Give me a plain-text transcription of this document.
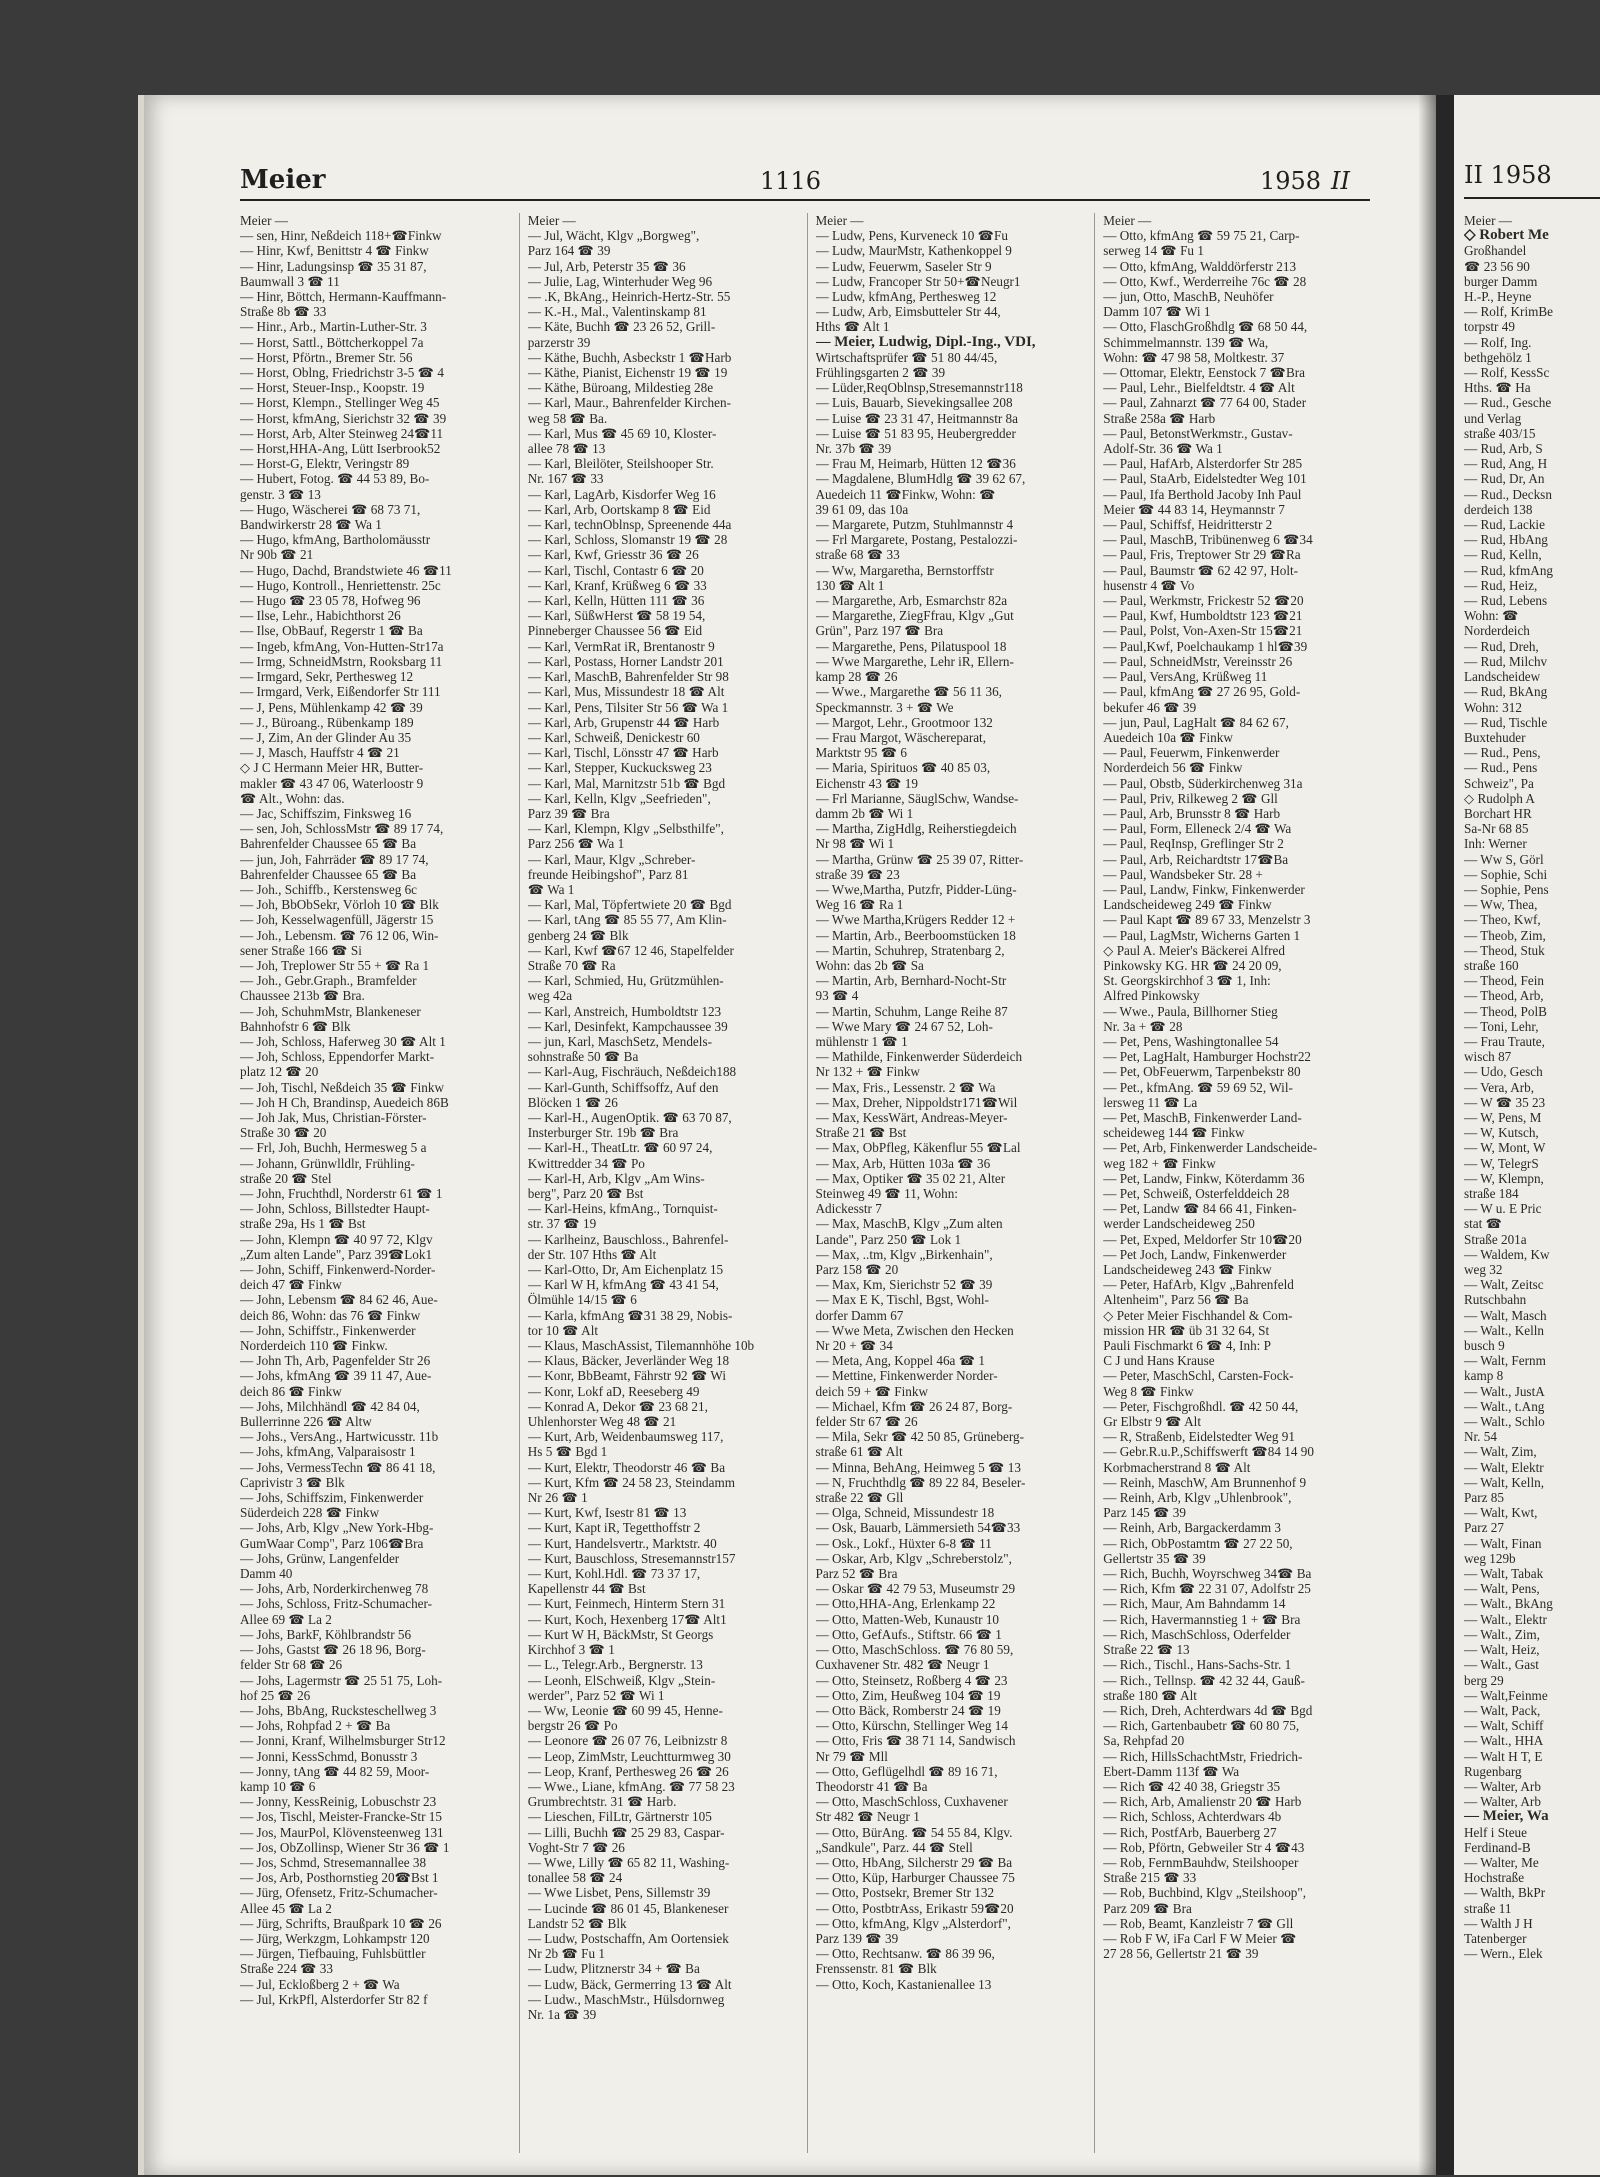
Meier	1116	1958 II
Meier —
— sen, Hinr, Neßdeich 118+☎Finkw
— Hinr, Kwf, Benittstr 4 ☎ Finkw
— Hinr, Ladungsinsp ☎ 35 31 87,
Baumwall 3 ☎ 11
— Hinr, Böttch, Hermann-Kauffmann-
Straße 8b ☎ 33
— Hinr., Arb., Martin-Luther-Str. 3
— Horst, Sattl., Böttcherkoppel 7a
— Horst, Pförtn., Bremer Str. 56
— Horst, Oblng, Friedrichstr 3-5 ☎ 4
— Horst, Steuer-Insp., Koopstr. 19
— Horst, Klempn., Stellinger Weg 45
— Horst, kfmAng, Sierichstr 32 ☎ 39
— Horst, Arb, Alter Steinweg 24☎11
— Horst,HHA-Ang, Lütt Iserbrook52
— Horst-G, Elektr, Veringstr 89
— Hubert, Fotog. ☎ 44 53 89, Bo-
genstr. 3 ☎ 13
— Hugo, Wäscherei ☎ 68 73 71,
Bandwirkerstr 28 ☎ Wa 1
— Hugo, kfmAng, Bartholomäusstr
Nr 90b ☎ 21
— Hugo, Dachd, Brandstwiete 46 ☎11
— Hugo, Kontroll., Henriettenstr. 25c
— Hugo ☎ 23 05 78, Hofweg 96
— Ilse, Lehr., Habichthorst 26
— Ilse, ObBauf, Regerstr 1 ☎ Ba
— Ingeb, kfmAng, Von-Hutten-Str17a
— Irmg, SchneidMstrn, Rooksbarg 11
— Irmgard, Sekr, Perthesweg 12
— Irmgard, Verk, Eißendorfer Str 111
— J, Pens, Mühlenkamp 42 ☎ 39
— J., Büroang., Rübenkamp 189
— J, Zim, An der Glinder Au 35
— J, Masch, Hauffstr 4 ☎ 21
◇ J C Hermann Meier HR, Butter-
makler ☎ 43 47 06, Waterloostr 9
☎ Alt., Wohn: das.
— Jac, Schiffszim, Finksweg 16
— sen, Joh, SchlossMstr ☎ 89 17 74,
Bahrenfelder Chaussee 65 ☎ Ba
— jun, Joh, Fahrräder ☎ 89 17 74,
Bahrenfelder Chaussee 65 ☎ Ba
— Joh., Schiffb., Kerstensweg 6c
— Joh, BbObSekr, Vörloh 10 ☎ Blk
— Joh, Kesselwagenfüll, Jägerstr 15
— Joh., Lebensm. ☎ 76 12 06, Win-
sener Straße 166 ☎ Si
— Joh, Treplower Str 55 + ☎ Ra 1
— Joh., Gebr.Graph., Bramfelder
Chaussee 213b ☎ Bra.
— Joh, SchuhmMstr, Blankeneser
Bahnhofstr 6 ☎ Blk
— Joh, Schloss, Haferweg 30 ☎ Alt 1
— Joh, Schloss, Eppendorfer Markt-
platz 12 ☎ 20
— Joh, Tischl, Neßdeich 35 ☎ Finkw
— Joh H Ch, Brandinsp, Auedeich 86B
— Joh Jak, Mus, Christian-Förster-
Straße 30 ☎ 20
— Frl, Joh, Buchh, Hermesweg 5 a
— Johann, Grünwlldlr, Frühling-
straße 20 ☎ Stel
— John, Fruchthdl, Norderstr 61 ☎ 1
— John, Schloss, Billstedter Haupt-
straße 29a, Hs 1 ☎ Bst
— John, Klempn ☎ 40 97 72, Klgv
„Zum alten Lande", Parz 39☎Lok1
— John, Schiff, Finkenwerd-Norder-
deich 47 ☎ Finkw
— John, Lebensm ☎ 84 62 46, Aue-
deich 86, Wohn: das 76 ☎ Finkw
— John, Schiffstr., Finkenwerder
Norderdeich 110 ☎ Finkw.
— John Th, Arb, Pagenfelder Str 26
— Johs, kfmAng ☎ 39 11 47, Aue-
deich 86 ☎ Finkw
— Johs, Milchhändl ☎ 42 84 04,
Bullerrinne 226 ☎ Altw
— Johs., VersAng., Hartwicusstr. 11b
— Johs, kfmAng, Valparaisostr 1
— Johs, VermessTechn ☎ 86 41 18,
Caprivistr 3 ☎ Blk
— Johs, Schiffszim, Finkenwerder
Süderdeich 228 ☎ Finkw
— Johs, Arb, Klgv „New York-Hbg-
GumWaar Comp", Parz 106☎Bra
— Johs, Grünw, Langenfelder
Damm 40
— Johs, Arb, Norderkirchenweg 78
— Johs, Schloss, Fritz-Schumacher-
Allee 69 ☎ La 2
— Johs, BarkF, Köhlbrandstr 56
— Johs, Gastst ☎ 26 18 96, Borg-
felder Str 68 ☎ 26
— Johs, Lagermstr ☎ 25 51 75, Loh-
hof 25 ☎ 26
— Johs, BbAng, Rucksteschellweg 3
— Johs, Rohpfad 2 + ☎ Ba
— Jonni, Kranf, Wilhelmsburger Str12
— Jonni, KessSchmd, Bonusstr 3
— Jonny, tAng ☎ 44 82 59, Moor-
kamp 10 ☎ 6
— Jonny, KessReinig, Lobuschstr 23
— Jos, Tischl, Meister-Francke-Str 15
— Jos, MaurPol, Klövensteenweg 131
— Jos, ObZollinsp, Wiener Str 36 ☎ 1
— Jos, Schmd, Stresemannallee 38
— Jos, Arb, Posthornstieg 20☎Bst 1
— Jürg, Ofensetz, Fritz-Schumacher-
Allee 45 ☎ La 2
— Jürg, Schrifts, Braußpark 10 ☎ 26
— Jürg, Werkzgm, Lohkampstr 120
— Jürgen, Tiefbauing, Fuhlsbüttler
Straße 224 ☎ 33
— Jul, Eckloßberg 2 + ☎ Wa
— Jul, KrkPfl, Alsterdorfer Str 82 f
Meier —
— Jul, Wächt, Klgv „Borgweg",
Parz 164 ☎ 39
— Jul, Arb, Peterstr 35 ☎ 36
— Julie, Lag, Winterhuder Weg 96
— .K, BkAng., Heinrich-Hertz-Str. 55
— K.-H., Mal., Valentinskamp 81
— Käte, Buchh ☎ 23 26 52, Grill-
parzerstr 39
— Käthe, Buchh, Asbeckstr 1 ☎Harb
— Käthe, Pianist, Eichenstr 19 ☎ 19
— Käthe, Büroang, Mildestieg 28e
— Karl, Maur., Bahrenfelder Kirchen-
weg 58 ☎ Ba.
— Karl, Mus ☎ 45 69 10, Kloster-
allee 78 ☎ 13
— Karl, Bleilöter, Steilshooper Str.
Nr. 167 ☎ 33
— Karl, LagArb, Kisdorfer Weg 16
— Karl, Arb, Oortskamp 8 ☎ Eid
— Karl, technOblnsp, Spreenende 44a
— Karl, Schloss, Slomanstr 19 ☎ 28
— Karl, Kwf, Griesstr 36 ☎ 26
— Karl, Tischl, Contastr 6 ☎ 20
— Karl, Kranf, Krüßweg 6 ☎ 33
— Karl, Kelln, Hütten 111 ☎ 36
— Karl, SüßwHerst ☎ 58 19 54,
Pinneberger Chaussee 56 ☎ Eid
— Karl, VermRat iR, Brentanostr 9
— Karl, Postass, Horner Landstr 201
— Karl, MaschB, Bahrenfelder Str 98
— Karl, Mus, Missundestr 18 ☎ Alt
— Karl, Pens, Tilsiter Str 56 ☎ Wa 1
— Karl, Arb, Grupenstr 44 ☎ Harb
— Karl, Schweiß, Denickestr 60
— Karl, Tischl, Lönsstr 47 ☎ Harb
— Karl, Stepper, Kuckucksweg 23
— Karl, Mal, Marnitzstr 51b ☎ Bgd
— Karl, Kelln, Klgv „Seefrieden",
Parz 39 ☎ Bra
— Karl, Klempn, Klgv „Selbsthilfe",
Parz 256 ☎ Wa 1
— Karl, Maur, Klgv „Schreber-
freunde Heibingshof", Parz 81
☎ Wa 1
— Karl, Mal, Töpfertwiete 20 ☎ Bgd
— Karl, tAng ☎ 85 55 77, Am Klin-
genberg 24 ☎ Blk
— Karl, Kwf ☎67 12 46, Stapelfelder
Straße 70 ☎ Ra
— Karl, Schmied, Hu, Grützmühlen-
weg 42a
— Karl, Anstreich, Humboldtstr 123
— Karl, Desinfekt, Kampchaussee 39
— jun, Karl, MaschSetz, Mendels-
sohnstraße 50 ☎ Ba
— Karl-Aug, Fischräuch, Neßdeich188
— Karl-Gunth, Schiffsoffz, Auf den
Blöcken 1 ☎ 26
— Karl-H., AugenOptik. ☎ 63 70 87,
Insterburger Str. 19b ☎ Bra
— Karl-H., TheatLtr. ☎ 60 97 24,
Kwittredder 34 ☎ Po
— Karl-H, Arb, Klgv „Am Wins-
berg", Parz 20 ☎ Bst
— Karl-Heins, kfmAng., Tornquist-
str. 37 ☎ 19
— Karlheinz, Bauschloss., Bahrenfel-
der Str. 107 Hths ☎ Alt
— Karl-Otto, Dr, Am Eichenplatz 15
— Karl W H, kfmAng ☎ 43 41 54,
Ölmühle 14/15 ☎ 6
— Karla, kfmAng ☎31 38 29, Nobis-
tor 10 ☎ Alt
— Klaus, MaschAssist, Tilemannhöhe 10b
— Klaus, Bäcker, Jeverländer Weg 18
— Konr, BbBeamt, Fährstr 92 ☎ Wi
— Konr, Lokf aD, Reeseberg 49
— Konrad A, Dekor ☎ 23 68 21,
Uhlenhorster Weg 48 ☎ 21
— Kurt, Arb, Weidenbaumsweg 117,
Hs 5 ☎ Bgd 1
— Kurt, Elektr, Theodorstr 46 ☎ Ba
— Kurt, Kfm ☎ 24 58 23, Steindamm
Nr 26 ☎ 1
— Kurt, Kwf, Isestr 81 ☎ 13
— Kurt, Kapt iR, Tegetthoffstr 2
— Kurt, Handelsvertr., Marktstr. 40
— Kurt, Bauschloss, Stresemannstr157
— Kurt, Kohl.Hdl. ☎ 73 37 17,
Kapellenstr 44 ☎ Bst
— Kurt, Feinmech, Hinterm Stern 31
— Kurt, Koch, Hexenberg 17☎ Alt1
— Kurt W H, BäckMstr, St Georgs
Kirchhof 3 ☎ 1
— L., Telegr.Arb., Bergnerstr. 13
— Leonh, ElSchweiß, Klgv „Stein-
werder", Parz 52 ☎ Wi 1
— Ww, Leonie ☎ 60 99 45, Henne-
bergstr 26 ☎ Po
— Leonore ☎ 26 07 76, Leibnizstr 8
— Leop, ZimMstr, Leuchtturmweg 30
— Leop, Kranf, Perthesweg 26 ☎ 26
— Wwe., Liane, kfmAng. ☎ 77 58 23
Grumbrechtstr. 31 ☎ Harb.
— Lieschen, FilLtr, Gärtnerstr 105
— Lilli, Buchh ☎ 25 29 83, Caspar-
Voght-Str 7 ☎ 26
— Wwe, Lilly ☎ 65 82 11, Washing-
tonallee 58 ☎ 24
— Wwe Lisbet, Pens, Sillemstr 39
— Lucinde ☎ 86 01 45, Blankeneser
Landstr 52 ☎ Blk
— Ludw, Postschaffn, Am Oortensiek
Nr 2b ☎ Fu 1
— Ludw, Plitznerstr 34 + ☎ Ba
— Ludw, Bäck, Germerring 13 ☎ Alt
— Ludw., MaschMstr., Hülsdornweg
Nr. 1a ☎ 39
Meier —
— Ludw, Pens, Kurveneck 10 ☎Fu
— Ludw, MaurMstr, Kathenkoppel 9
— Ludw, Feuerwm, Saseler Str 9
— Ludw, Francoper Str 50+☎Neugr1
— Ludw, kfmAng, Perthesweg 12
— Ludw, Arb, Eimsbutteler Str 44,
Hths ☎ Alt 1
— Meier, Ludwig, Dipl.-Ing., VDI,
Wirtschaftsprüfer ☎ 51 80 44/45,
Frühlingsgarten 2 ☎ 39
— Lüder,ReqOblnsp,Stresemannstr118
— Luis, Bauarb, Sievekingsallee 208
— Luise ☎ 23 31 47, Heitmannstr 8a
— Luise ☎ 51 83 95, Heubergredder
Nr. 37b ☎ 39
— Frau M, Heimarb, Hütten 12 ☎36
— Magdalene, BlumHdlg ☎ 39 62 67,
Auedeich 11 ☎Finkw, Wohn: ☎
39 61 09, das 10a
— Margarete, Putzm, Stuhlmannstr 4
— Frl Margarete, Postang, Pestalozzi-
straße 68 ☎ 33
— Ww, Margaretha, Bernstorffstr
130 ☎ Alt 1
— Margarethe, Arb, Esmarchstr 82a
— Margarethe, ZiegFfrau, Klgv „Gut
Grün", Parz 197 ☎ Bra
— Margarethe, Pens, Pilatuspool 18
— Wwe Margarethe, Lehr iR, Ellern-
kamp 28 ☎ 26
— Wwe., Margarethe ☎ 56 11 36,
Speckmannstr. 3 + ☎ We
— Margot, Lehr., Grootmoor 132
— Frau Margot, Wäschereparat,
Marktstr 95 ☎ 6
— Maria, Spirituos ☎ 40 85 03,
Eichenstr 43 ☎ 19
— Frl Marianne, SäuglSchw, Wandse-
damm 2b ☎ Wi 1
— Martha, ZigHdlg, Reiherstiegdeich
Nr 98 ☎ Wi 1
— Martha, Grünw ☎ 25 39 07, Ritter-
straße 39 ☎ 23
— Wwe,Martha, Putzfr, Pidder-Lüng-
Weg 16 ☎ Ra 1
— Wwe Martha,Krügers Redder 12 +
— Martin, Arb., Beerboomstücken 18
— Martin, Schuhrep, Stratenbarg 2,
Wohn: das 2b ☎ Sa
— Martin, Arb, Bernhard-Nocht-Str
93 ☎ 4
— Martin, Schuhm, Lange Reihe 87
— Wwe Mary ☎ 24 67 52, Loh-
mühlenstr 1 ☎ 1
— Mathilde, Finkenwerder Süderdeich
Nr 132 + ☎ Finkw
— Max, Fris., Lessenstr. 2 ☎ Wa
— Max, Dreher, Nippoldstr171☎Wil
— Max, KessWärt, Andreas-Meyer-
Straße 21 ☎ Bst
— Max, ObPfleg, Käkenflur 55 ☎Lal
— Max, Arb, Hütten 103a ☎ 36
— Max, Optiker ☎ 35 02 21, Alter
Steinweg 49 ☎ 11, Wohn:
Adickesstr 7
— Max, MaschB, Klgv „Zum alten
Lande", Parz 250 ☎ Lok 1
— Max, ..tm, Klgv „Birkenhain",
Parz 158 ☎ 20
— Max, Km, Sierichstr 52 ☎ 39
— Max E K, Tischl, Bgst, Wohl-
dorfer Damm 67
— Wwe Meta, Zwischen den Hecken
Nr 20 + ☎ 34
— Meta, Ang, Koppel 46a ☎ 1
— Mettine, Finkenwerder Norder-
deich 59 + ☎ Finkw
— Michael, Kfm ☎ 26 24 87, Borg-
felder Str 67 ☎ 26
— Mila, Sekr ☎ 42 50 85, Grüneberg-
straße 61 ☎ Alt
— Minna, BehAng, Heimweg 5 ☎ 13
— N, Fruchthdlg ☎ 89 22 84, Beseler-
straße 22 ☎ Gll
— Olga, Schneid, Missundestr 18
— Osk, Bauarb, Lämmersieth 54☎33
— Osk., Lokf., Hüxter 6-8 ☎ 11
— Oskar, Arb, Klgv „Schreberstolz",
Parz 52 ☎ Bra
— Oskar ☎ 42 79 53, Museumstr 29
— Otto,HHA-Ang, Erlenkamp 22
— Otto, Matten-Web, Kunaustr 10
— Otto, GefAufs., Stiftstr. 66 ☎ 1
— Otto, MaschSchloss. ☎ 76 80 59,
Cuxhavener Str. 482 ☎ Neugr 1
— Otto, Steinsetz, Roßberg 4 ☎ 23
— Otto, Zim, Heußweg 104 ☎ 19
— Otto Bäck, Romberstr 24 ☎ 19
— Otto, Kürschn, Stellinger Weg 14
— Otto, Fris ☎ 38 71 14, Sandwisch
Nr 79 ☎ Mll
— Otto, Geflügelhdl ☎ 89 16 71,
Theodorstr 41 ☎ Ba
— Otto, MaschSchloss, Cuxhavener
Str 482 ☎ Neugr 1
— Otto, BürAng. ☎ 54 55 84, Klgv.
„Sandkule", Parz. 44 ☎ Stell
— Otto, HbAng, Silcherstr 29 ☎ Ba
— Otto, Küp, Harburger Chaussee 75
— Otto, Postsekr, Bremer Str 132
— Otto, PostbtrAss, Erikastr 59☎20
— Otto, kfmAng, Klgv „Alsterdorf",
Parz 139 ☎ 39
— Otto, Rechtsanw. ☎ 86 39 96,
Frenssenstr. 81 ☎ Blk
— Otto, Koch, Kastanienallee 13
Meier —
— Otto, kfmAng ☎ 59 75 21, Carp-
serweg 14 ☎ Fu 1
— Otto, kfmAng, Walddörferstr 213
— Otto, Kwf., Werderreihe 76c ☎ 28
— jun, Otto, MaschB, Neuhöfer
Damm 107 ☎ Wi 1
— Otto, FlaschGroßhdlg ☎ 68 50 44,
Schimmelmannstr. 139 ☎ Wa,
Wohn: ☎ 47 98 58, Moltkestr. 37
— Ottomar, Elektr, Eenstock 7 ☎Bra
— Paul, Lehr., Bielfeldtstr. 4 ☎ Alt
— Paul, Zahnarzt ☎ 77 64 00, Stader
Straße 258a ☎ Harb
— Paul, BetonstWerkmstr., Gustav-
Adolf-Str. 36 ☎ Wa 1
— Paul, HafArb, Alsterdorfer Str 285
— Paul, StaArb, Eidelstedter Weg 101
— Paul, Ifa Berthold Jacoby Inh Paul
Meier ☎ 44 83 14, Heymannstr 7
— Paul, Schiffsf, Heidritterstr 2
— Paul, MaschB, Tribünenweg 6 ☎34
— Paul, Fris, Treptower Str 29 ☎Ra
— Paul, Baumstr ☎ 62 42 97, Holt-
husenstr 4 ☎ Vo
— Paul, Werkmstr, Frickestr 52 ☎20
— Paul, Kwf, Humboldtstr 123 ☎21
— Paul, Polst, Von-Axen-Str 15☎21
— Paul,Kwf, Poelchaukamp 1 hl☎39
— Paul, SchneidMstr, Vereinsstr 26
— Paul, VersAng, Krüßweg 11
— Paul, kfmAng ☎ 27 26 95, Gold-
bekufer 46 ☎ 39
— jun, Paul, LagHalt ☎ 84 62 67,
Auedeich 10a ☎ Finkw
— Paul, Feuerwm, Finkenwerder
Norderdeich 56 ☎ Finkw
— Paul, Obstb, Süderkirchenweg 31a
— Paul, Priv, Rilkeweg 2 ☎ Gll
— Paul, Arb, Brunsstr 8 ☎ Harb
— Paul, Form, Elleneck 2/4 ☎ Wa
— Paul, ReqInsp, Greflinger Str 2
— Paul, Arb, Reichardtstr 17☎Ba
— Paul, Wandsbeker Str. 28 +
— Paul, Landw, Finkw, Finkenwerder
Landscheideweg 249 ☎ Finkw
— Paul Kapt ☎ 89 67 33, Menzelstr 3
— Paul, LagMstr, Wicherns Garten 1
◇ Paul A. Meier's Bäckerei Alfred
Pinkowsky KG. HR ☎ 24 20 09,
St. Georgskirchhof 3 ☎ 1, Inh:
Alfred Pinkowsky
— Wwe., Paula, Billhorner Stieg
Nr. 3a + ☎ 28
— Pet, Pens, Washingtonallee 54
— Pet, LagHalt, Hamburger Hochstr22
— Pet, ObFeuerwm, Tarpenbekstr 80
— Pet., kfmAng. ☎ 59 69 52, Wil-
lersweg 11 ☎ La
— Pet, MaschB, Finkenwerder Land-
scheideweg 144 ☎ Finkw
— Pet, Arb, Finkenwerder Landscheide-
weg 182 + ☎ Finkw
— Pet, Landw, Finkw, Köterdamm 36
— Pet, Schweiß, Osterfelddeich 28
— Pet, Landw ☎ 84 66 41, Finken-
werder Landscheideweg 250
— Pet, Exped, Meldorfer Str 10☎20
— Pet Joch, Landw, Finkenwerder
Landscheideweg 243 ☎ Finkw
— Peter, HafArb, Klgv „Bahrenfeld
Altenheim", Parz 56 ☎ Ba
◇ Peter Meier Fischhandel & Com-
mission HR ☎ üb 31 32 64, St
Pauli Fischmarkt 6 ☎ 4, Inh: P
C J und Hans Krause
— Peter, MaschSchl, Carsten-Fock-
Weg 8 ☎ Finkw
— Peter, Fischgroßhdl. ☎ 42 50 44,
Gr Elbstr 9 ☎ Alt
— R, Straßenb, Eidelstedter Weg 91
— Gebr.R.u.P.,Schiffswerft ☎84 14 90
Korbmacherstrand 8 ☎ Alt
— Reinh, MaschW, Am Brunnenhof 9
— Reinh, Arb, Klgv „Uhlenbrook",
Parz 145 ☎ 39
— Reinh, Arb, Bargackerdamm 3
— Rich, ObPostamtm ☎ 27 22 50,
Gellertstr 35 ☎ 39
— Rich, Buchh, Woyrschweg 34☎ Ba
— Rich, Kfm ☎ 22 31 07, Adolfstr 25
— Rich, Maur, Am Bahndamm 14
— Rich, Havermannstieg 1 + ☎ Bra
— Rich, MaschSchloss, Oderfelder
Straße 22 ☎ 13
— Rich., Tischl., Hans-Sachs-Str. 1
— Rich., Tellnsp. ☎ 42 32 44, Gauß-
straße 180 ☎ Alt
— Rich, Dreh, Achterdwars 4d ☎ Bgd
— Rich, Gartenbaubetr ☎ 60 80 75,
Sa, Rehpfad 20
— Rich, HillsSchachtMstr, Friedrich-
Ebert-Damm 113f ☎ Wa
— Rich ☎ 42 40 38, Griegstr 35
— Rich, Arb, Amalienstr 20 ☎ Harb
— Rich, Schloss, Achterdwars 4b
— Rich, PostfArb, Bauerberg 27
— Rob, Pförtn, Gebweiler Str 4 ☎43
— Rob, FernmBauhdw, Steilshooper
Straße 215 ☎ 33
— Rob, Buchbind, Klgv „Steilshoop",
Parz 209 ☎ Bra
— Rob, Beamt, Kanzleistr 7 ☎ Gll
— Rob F W, iFa Carl F W Meier ☎
27 28 56, Gellertstr 21 ☎ 39
II 1958
Meier —
◇ Robert Me
Großhandel
☎ 23 56 90
burger Damm
H.-P., Heyne
— Rolf, KrimBe
torpstr 49
— Rolf, Ing.
bethgehölz 1
— Rolf, KessSc
Hths. ☎ Ha
— Rud., Gesche
und Verlag
straße 403/15
— Rud, Arb, S
— Rud, Ang, H
— Rud, Dr, An
— Rud., Decksn
derdeich 138
— Rud, Lackie
— Rud, HbAng
— Rud, Kelln,
— Rud, kfmAng
— Rud, Heiz,
— Rud, Lebens
Wohn: ☎
Norderdeich
— Rud, Dreh,
— Rud, Milchv
Landscheidew
— Rud, BkAng
Wohn: 312
— Rud, Tischle
Buxtehuder
— Rud., Pens,
— Rud., Pens
Schweiz", Pa
◇ Rudolph A
Borchart HR
Sa-Nr 68 85
Inh: Werner
— Ww S, Görl
— Sophie, Schi
— Sophie, Pens
— Ww, Thea,
— Theo, Kwf,
— Theob, Zim,
— Theod, Stuk
straße 160
— Theod, Fein
— Theod, Arb,
— Theod, PolB
— Toni, Lehr,
— Frau Traute,
wisch 87
— Udo, Gesch
— Vera, Arb,
— W ☎ 35 23
— W, Pens, M
— W, Kutsch,
— W, Mont, W
— W, TelegrS
— W, Klempn,
straße 184
— W u. E Pric
stat ☎
Straße 201a
— Waldem, Kw
weg 32
— Walt, Zeitsc
Rutschbahn
— Walt, Masch
— Walt., Kelln
busch 9
— Walt, Fernm
kamp 8
— Walt., JustA
— Walt., t.Ang
— Walt., Schlo
Nr. 54
— Walt, Zim,
— Walt, Elektr
— Walt, Kelln,
Parz 85
— Walt, Kwt,
Parz 27
— Walt, Finan
weg 129b
— Walt, Tabak
— Walt, Pens,
— Walt., BkAng
— Walt., Elektr
— Walt., Zim,
— Walt, Heiz,
— Walt., Gast
berg 29
— Walt,Feinme
— Walt, Pack,
— Walt, Schiff
— Walt., HHA
— Walt H T, E
Rugenbarg
— Walter, Arb
— Walter, Arb
— Meier, Wa
Helf i Steue
Ferdinand-B
— Walter, Me
Hochstraße
— Walth, BkPr
straße 11
— Walth J H
Tatenberger
— Wern., Elek
